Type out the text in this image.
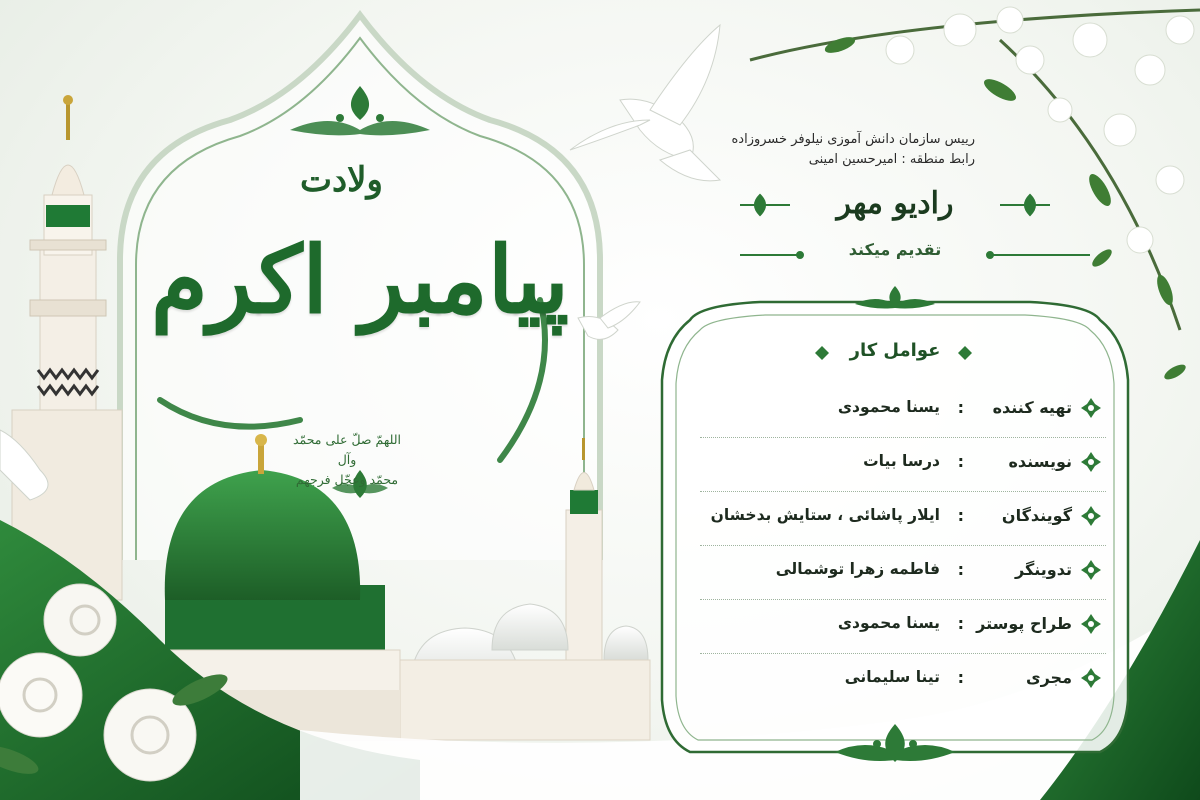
ولادت
پیامبر اکرم
اللهمّ صلّ علی محمّد وآل
محمّد وعجّل فرجهم
رییس سازمان دانش آموزی نیلوفر خسروزاده
رابط منطقه : امیرحسین امینی
رادیو مهر
تقدیم میکند
عوامل کار
تهیه کننده
:
یسنا محمودی
نویسنده
:
درسا بیات
گویندگان
:
ایلار پاشائی ، ستایش بدخشان
تدوینگر
:
فاطمه زهرا توشمالی
طراح پوستر
:
یسنا محمودی
مجری
:
تینا سلیمانی
